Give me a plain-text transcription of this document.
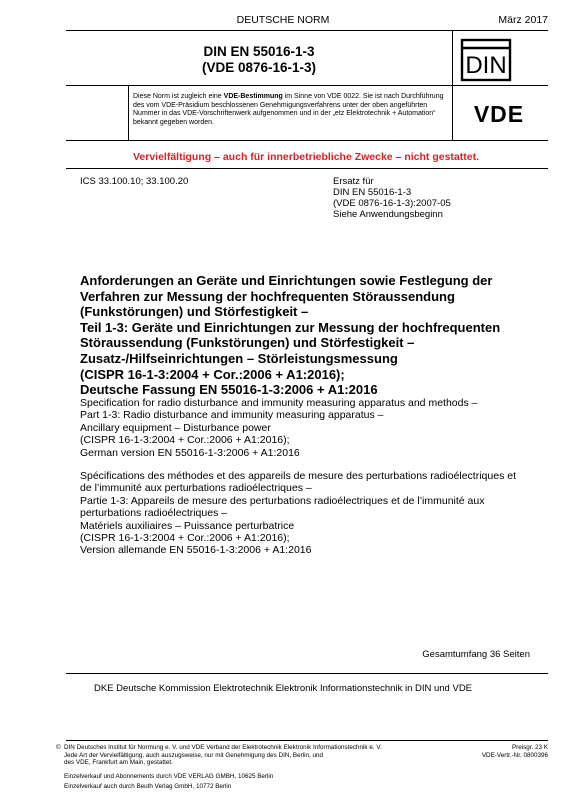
DEUTSCHE NORM	März 2017
DIN EN 55016-1-3
(VDE 0876-16-1-3)	DIN
VDE
Diese Norm ist zugleich eine VDE-Bestimmung im Sinne von VDE 0022. Sie ist nach Durchführung des vom VDE-Präsidium beschlossenen Genehmigungsverfahrens unter der oben angeführten Nummer in das VDE-Vorschriftenwerk aufgenommen und in der „etz Elektrotechnik + Automation“ bekannt gegeben worden.
Vervielfältigung – auch für innerbetriebliche Zwecke – nicht gestattet.
ICS 33.100.10; 33.100.20	Ersatz für
DIN EN 55016-1-3
(VDE 0876-16-1-3):2007-05
Siehe Anwendungsbeginn
Anforderungen an Geräte und Einrichtungen sowie Festlegung der
Verfahren zur Messung der hochfrequenten Störaussendung
(Funkstörungen) und Störfestigkeit –
Teil 1-3: Geräte und Einrichtungen zur Messung der hochfrequenten
Störaussendung (Funkstörungen) und Störfestigkeit –
Zusatz-/Hilfseinrichtungen – Störleistungsmessung
(CISPR 16-1-3:2004 + Cor.:2006 + A1:2016);
Deutsche Fassung EN 55016-1-3:2006 + A1:2016
Specification for radio disturbance and immunity measuring apparatus and methods –
Part 1-3: Radio disturbance and immunity measuring apparatus –
Ancillary equipment – Disturbance power
(CISPR 16-1-3:2004 + Cor.:2006 + A1:2016);
German version EN 55016-1-3:2006 + A1:2016
Spécifications des méthodes et des appareils de mesure des perturbations radioélectriques et
de l’immunité aux perturbations radioélectriques –
Partie 1-3: Appareils de mesure des perturbations radioélectriques et de l’immunité aux
perturbations radioélectriques –
Matériels auxiliaires – Puissance perturbatrice
(CISPR 16-1-3:2004 + Cor.:2006 + A1:2016);
Version allemande EN 55016-1-3:2006 + A1:2016
Gesamtumfang 36 Seiten
DKE Deutsche Kommission Elektrotechnik Elektronik Informationstechnik in DIN und VDE
© DIN Deutsches Institut für Normung e. V. und VDE Verband der Elektrotechnik Elektronik Informationstechnik e. V.
Jede Art der Vervielfältigung, auch auszugsweise, nur mit Genehmigung des DIN, Berlin, und
des VDE, Frankfurt am Main, gestattet.
Preisgr. 23 K
VDE-Vertr.-Nr. 0800396
Einzelverkauf und Abonnements durch VDE VERLAG GMBH, 10625 Berlin
Einzelverkauf auch durch Beuth Verlag GmbH, 10772 Berlin
